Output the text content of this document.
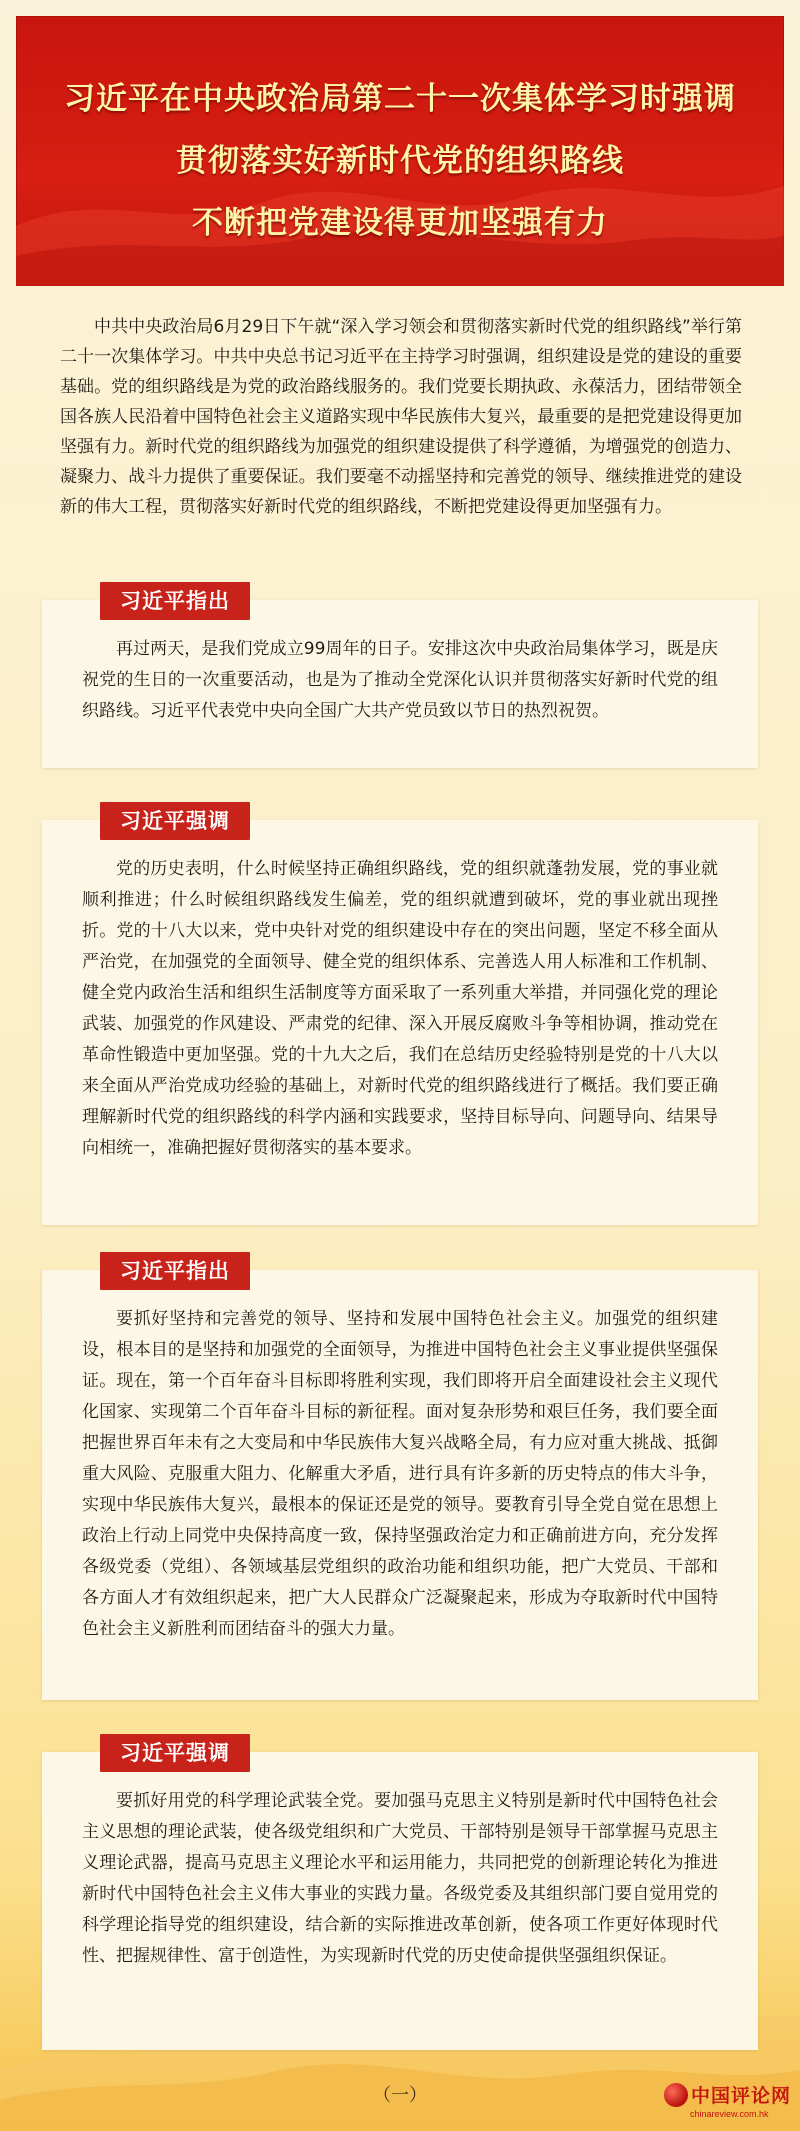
习近平在中央政治局第二十一次集体学习时强调
贯彻落实好新时代党的组织路线
不断把党建设得更加坚强有力

中共中央政治局6月29日下午就“深入学习领会和贯彻落实新时代党的组织路线”举行第二十一次集体学习。中共中央总书记习近平在主持学习时强调，组织建设是党的建设的重要基础。党的组织路线是为党的政治路线服务的。我们党要长期执政、永葆活力，团结带领全国各族人民沿着中国特色社会主义道路实现中华民族伟大复兴，最重要的是把党建设得更加坚强有力。新时代党的组织路线为加强党的组织建设提供了科学遵循，为增强党的创造力、凝聚力、战斗力提供了重要保证。我们要毫不动摇坚持和完善党的领导、继续推进党的建设新的伟大工程，贯彻落实好新时代党的组织路线，不断把党建设得更加坚强有力。

习近平指出

再过两天，是我们党成立99周年的日子。安排这次中央政治局集体学习，既是庆祝党的生日的一次重要活动，也是为了推动全党深化认识并贯彻落实好新时代党的组织路线。习近平代表党中央向全国广大共产党员致以节日的热烈祝贺。

习近平强调

党的历史表明，什么时候坚持正确组织路线，党的组织就蓬勃发展，党的事业就顺利推进；什么时候组织路线发生偏差，党的组织就遭到破坏，党的事业就出现挫折。党的十八大以来，党中央针对党的组织建设中存在的突出问题，坚定不移全面从严治党，在加强党的全面领导、健全党的组织体系、完善选人用人标准和工作机制、健全党内政治生活和组织生活制度等方面采取了一系列重大举措，并同强化党的理论武装、加强党的作风建设、严肃党的纪律、深入开展反腐败斗争等相协调，推动党在革命性锻造中更加坚强。党的十九大之后，我们在总结历史经验特别是党的十八大以来全面从严治党成功经验的基础上，对新时代党的组织路线进行了概括。我们要正确理解新时代党的组织路线的科学内涵和实践要求，坚持目标导向、问题导向、结果导向相统一，准确把握好贯彻落实的基本要求。

习近平指出

要抓好坚持和完善党的领导、坚持和发展中国特色社会主义。加强党的组织建设，根本目的是坚持和加强党的全面领导，为推进中国特色社会主义事业提供坚强保证。现在，第一个百年奋斗目标即将胜利实现，我们即将开启全面建设社会主义现代化国家、实现第二个百年奋斗目标的新征程。面对复杂形势和艰巨任务，我们要全面把握世界百年未有之大变局和中华民族伟大复兴战略全局，有力应对重大挑战、抵御重大风险、克服重大阻力、化解重大矛盾，进行具有许多新的历史特点的伟大斗争，实现中华民族伟大复兴，最根本的保证还是党的领导。要教育引导全党自觉在思想上政治上行动上同党中央保持高度一致，保持坚强政治定力和正确前进方向，充分发挥各级党委（党组）、各领域基层党组织的政治功能和组织功能，把广大党员、干部和各方面人才有效组织起来，把广大人民群众广泛凝聚起来，形成为夺取新时代中国特色社会主义新胜利而团结奋斗的强大力量。

习近平强调

要抓好用党的科学理论武装全党。要加强马克思主义特别是新时代中国特色社会主义思想的理论武装，使各级党组织和广大党员、干部特别是领导干部掌握马克思主义理论武器，提高马克思主义理论水平和运用能力，共同把党的创新理论转化为推进新时代中国特色社会主义伟大事业的实践力量。各级党委及其组织部门要自觉用党的科学理论指导党的组织建设，结合新的实际推进改革创新，使各项工作更好体现时代性、把握规律性、富于创造性，为实现新时代党的历史使命提供坚强组织保证。

（一）	中国评论网
chinareview.com.hk
